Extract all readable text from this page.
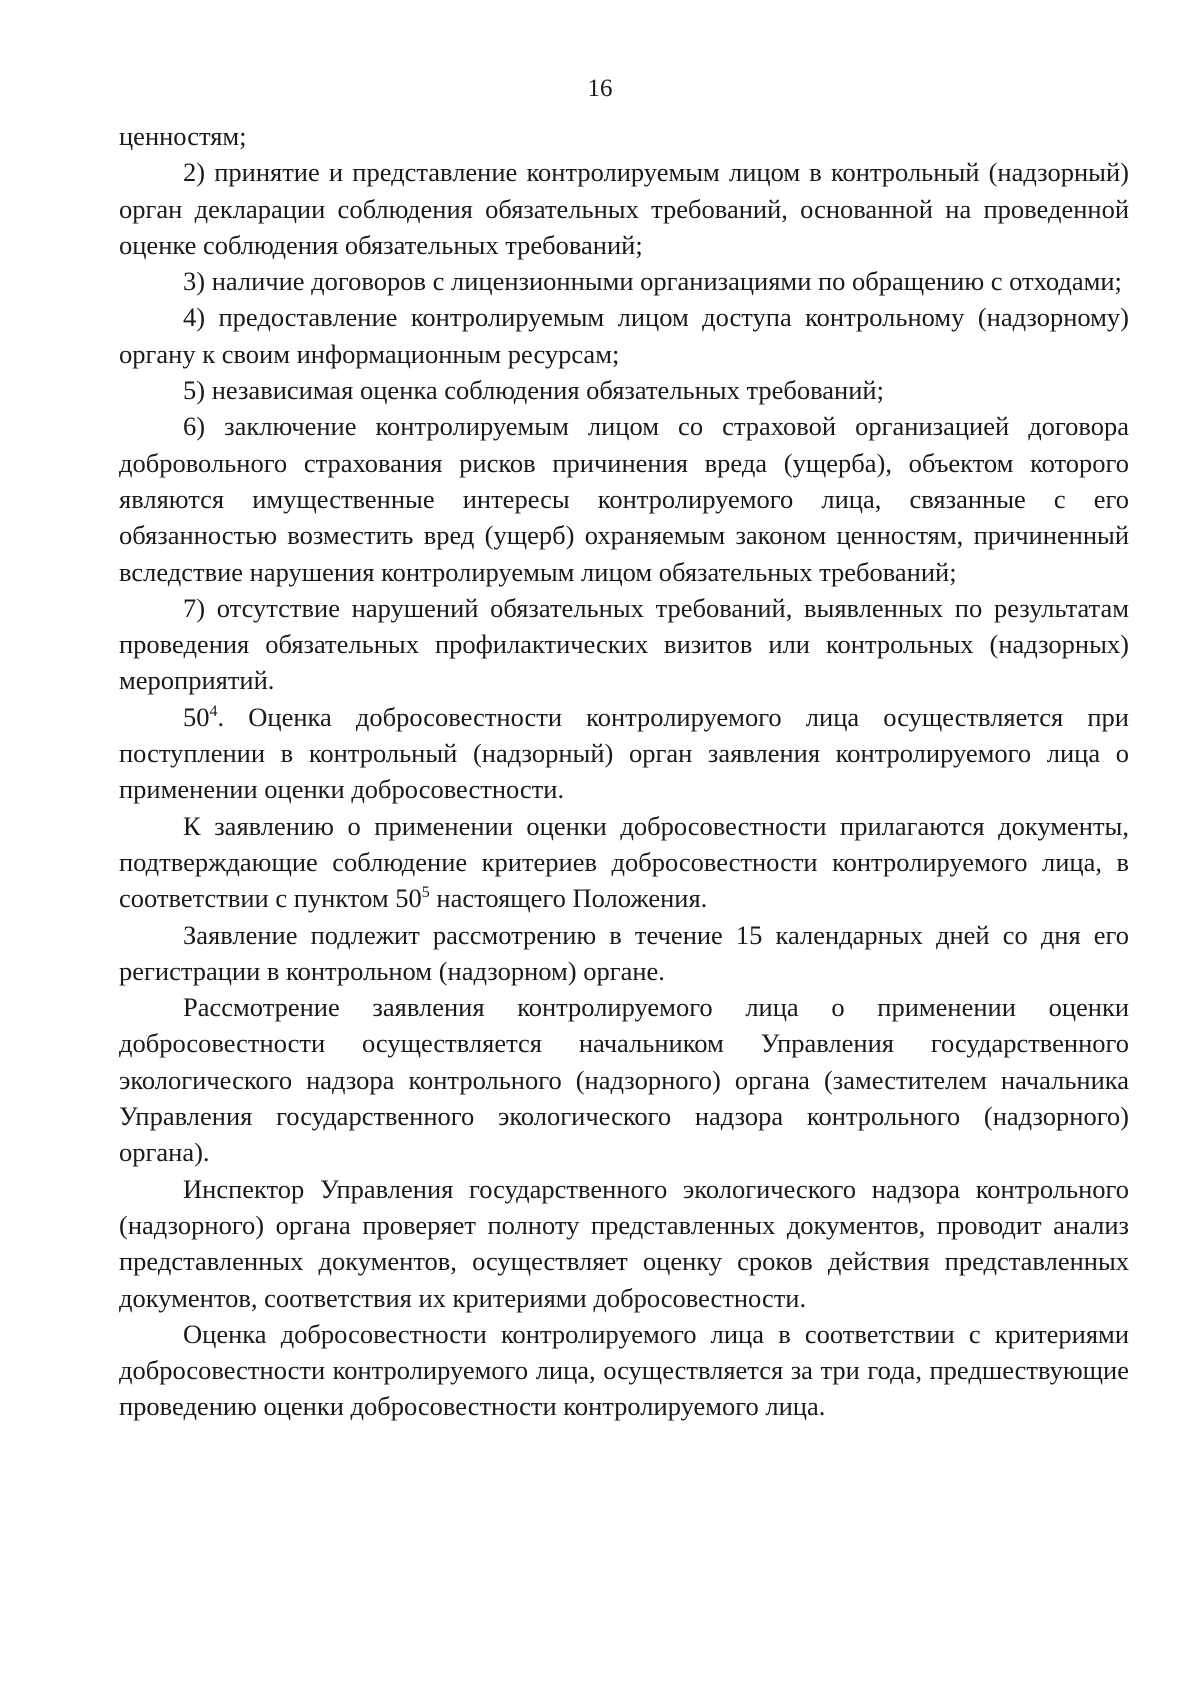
16

ценностям;

2) принятие и представление контролируемым лицом в контрольный (надзорный) орган декларации соблюдения обязательных требований, основанной на проведенной оценке соблюдения обязательных требований;

3) наличие договоров с лицензионными организациями по обращению с отходами;

4) предоставление контролируемым лицом доступа контрольному (надзорному) органу к своим информационным ресурсам;

5) независимая оценка соблюдения обязательных требований;

6) заключение контролируемым лицом со страховой организацией договора добровольного страхования рисков причинения вреда (ущерба), объектом которого являются имущественные интересы контролируемого лица, связанные с его обязанностью возместить вред (ущерб) охраняемым законом ценностям, причиненный вследствие нарушения контролируемым лицом обязательных требований;

7) отсутствие нарушений обязательных требований, выявленных по результатам проведения обязательных профилактических визитов или контрольных (надзорных) мероприятий.

$50^4$. Оценка добросовестности контролируемого лица осуществляется при поступлении в контрольный (надзорный) орган заявления контролируемого лица о применении оценки добросовестности.

К заявлению о применении оценки добросовестности прилагаются документы, подтверждающие соблюдение критериев добросовестности контролируемого лица, в соответствии с пунктом $50^5$ настоящего Положения.

Заявление подлежит рассмотрению в течение 15 календарных дней со дня его регистрации в контрольном (надзорном) органе.

Рассмотрение заявления контролируемого лица о применении оценки добросовестности осуществляется начальником Управления государственного экологического надзора контрольного (надзорного) органа (заместителем начальника Управления государственного экологического надзора контрольного (надзорного) органа).

Инспектор Управления государственного экологического надзора контрольного (надзорного) органа проверяет полноту представленных документов, проводит анализ представленных документов, осуществляет оценку сроков действия представленных документов, соответствия их критериями добросовестности.

Оценка добросовестности контролируемого лица в соответствии с критериями добросовестности контролируемого лица, осуществляется за три года, предшествующие проведению оценки добросовестности контролируемого лица.
